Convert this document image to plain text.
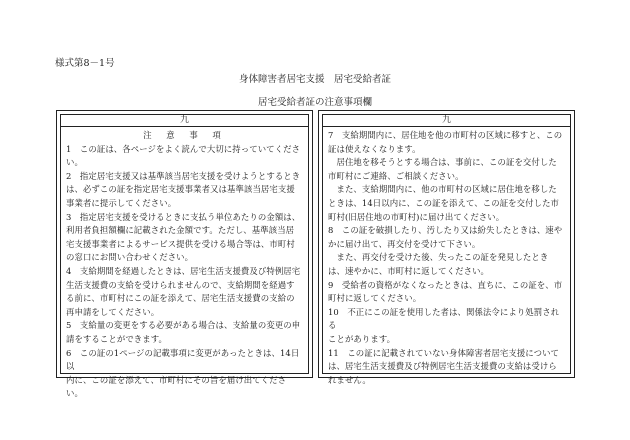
様式第8－1号
身体障害者居宅支援　居宅受給者証
居宅受給者証の注意事項欄
九
注 意 事 項
1　この証は、各ページをよく読んで大切に持っていてくださ
い。
2　指定居宅支援又は基準該当居宅支援を受けようとするとき
は、必ずこの証を指定居宅支援事業者又は基準該当居宅支援
事業者に提示してください。
3　指定居宅支援を受けるときに支払う単位あたりの金額は、
利用者負担額欄に記載された金額です。ただし、基準該当居
宅支援事業者によるサービス提供を受ける場合等は、市町村
の窓口にお問い合わせください。
4　支給期間を経過したときは、居宅生活支援費及び特例居宅
生活支援費の支給を受けられませんので、支給期間を経過す
る前に、市町村にこの証を添えて、居宅生活支援費の支給の
再申請をしてください。
5　支給量の変更をする必要がある場合は、支給量の変更の申
請をすることができます。
6　この証の1ページの記載事項に変更があったときは、14日以
内に、この証を添えて、市町村にその旨を届け出てくださ
い。
九
7　支給期間内に、居住地を他の市町村の区域に移すと、この
証は使えなくなります。
　居住地を移そうとする場合は、事前に、この証を交付した
市町村にご連絡、ご相談ください。
　また、支給期間内に、他の市町村の区域に居住地を移した
ときは、14日以内に、この証を添えて、この証を交付した市
町村(旧居住地の市町村)に届け出てください。
8　この証を破損したり、汚したり又は紛失したときは、速や
かに届け出て、再交付を受けて下さい。
　また、再交付を受けた後、失ったこの証を発見したとき
は、速やかに、市町村に返してください。
9　受給者の資格がなくなったときは、直ちに、この証を、市
町村に返してください。
10　不正にこの証を使用した者は、関係法令により処罰される
ことがあります。
11　この証に記載されていない身体障害者居宅支援について
は、居宅生活支援費及び特例居宅生活支援費の支給は受けら
れません。
